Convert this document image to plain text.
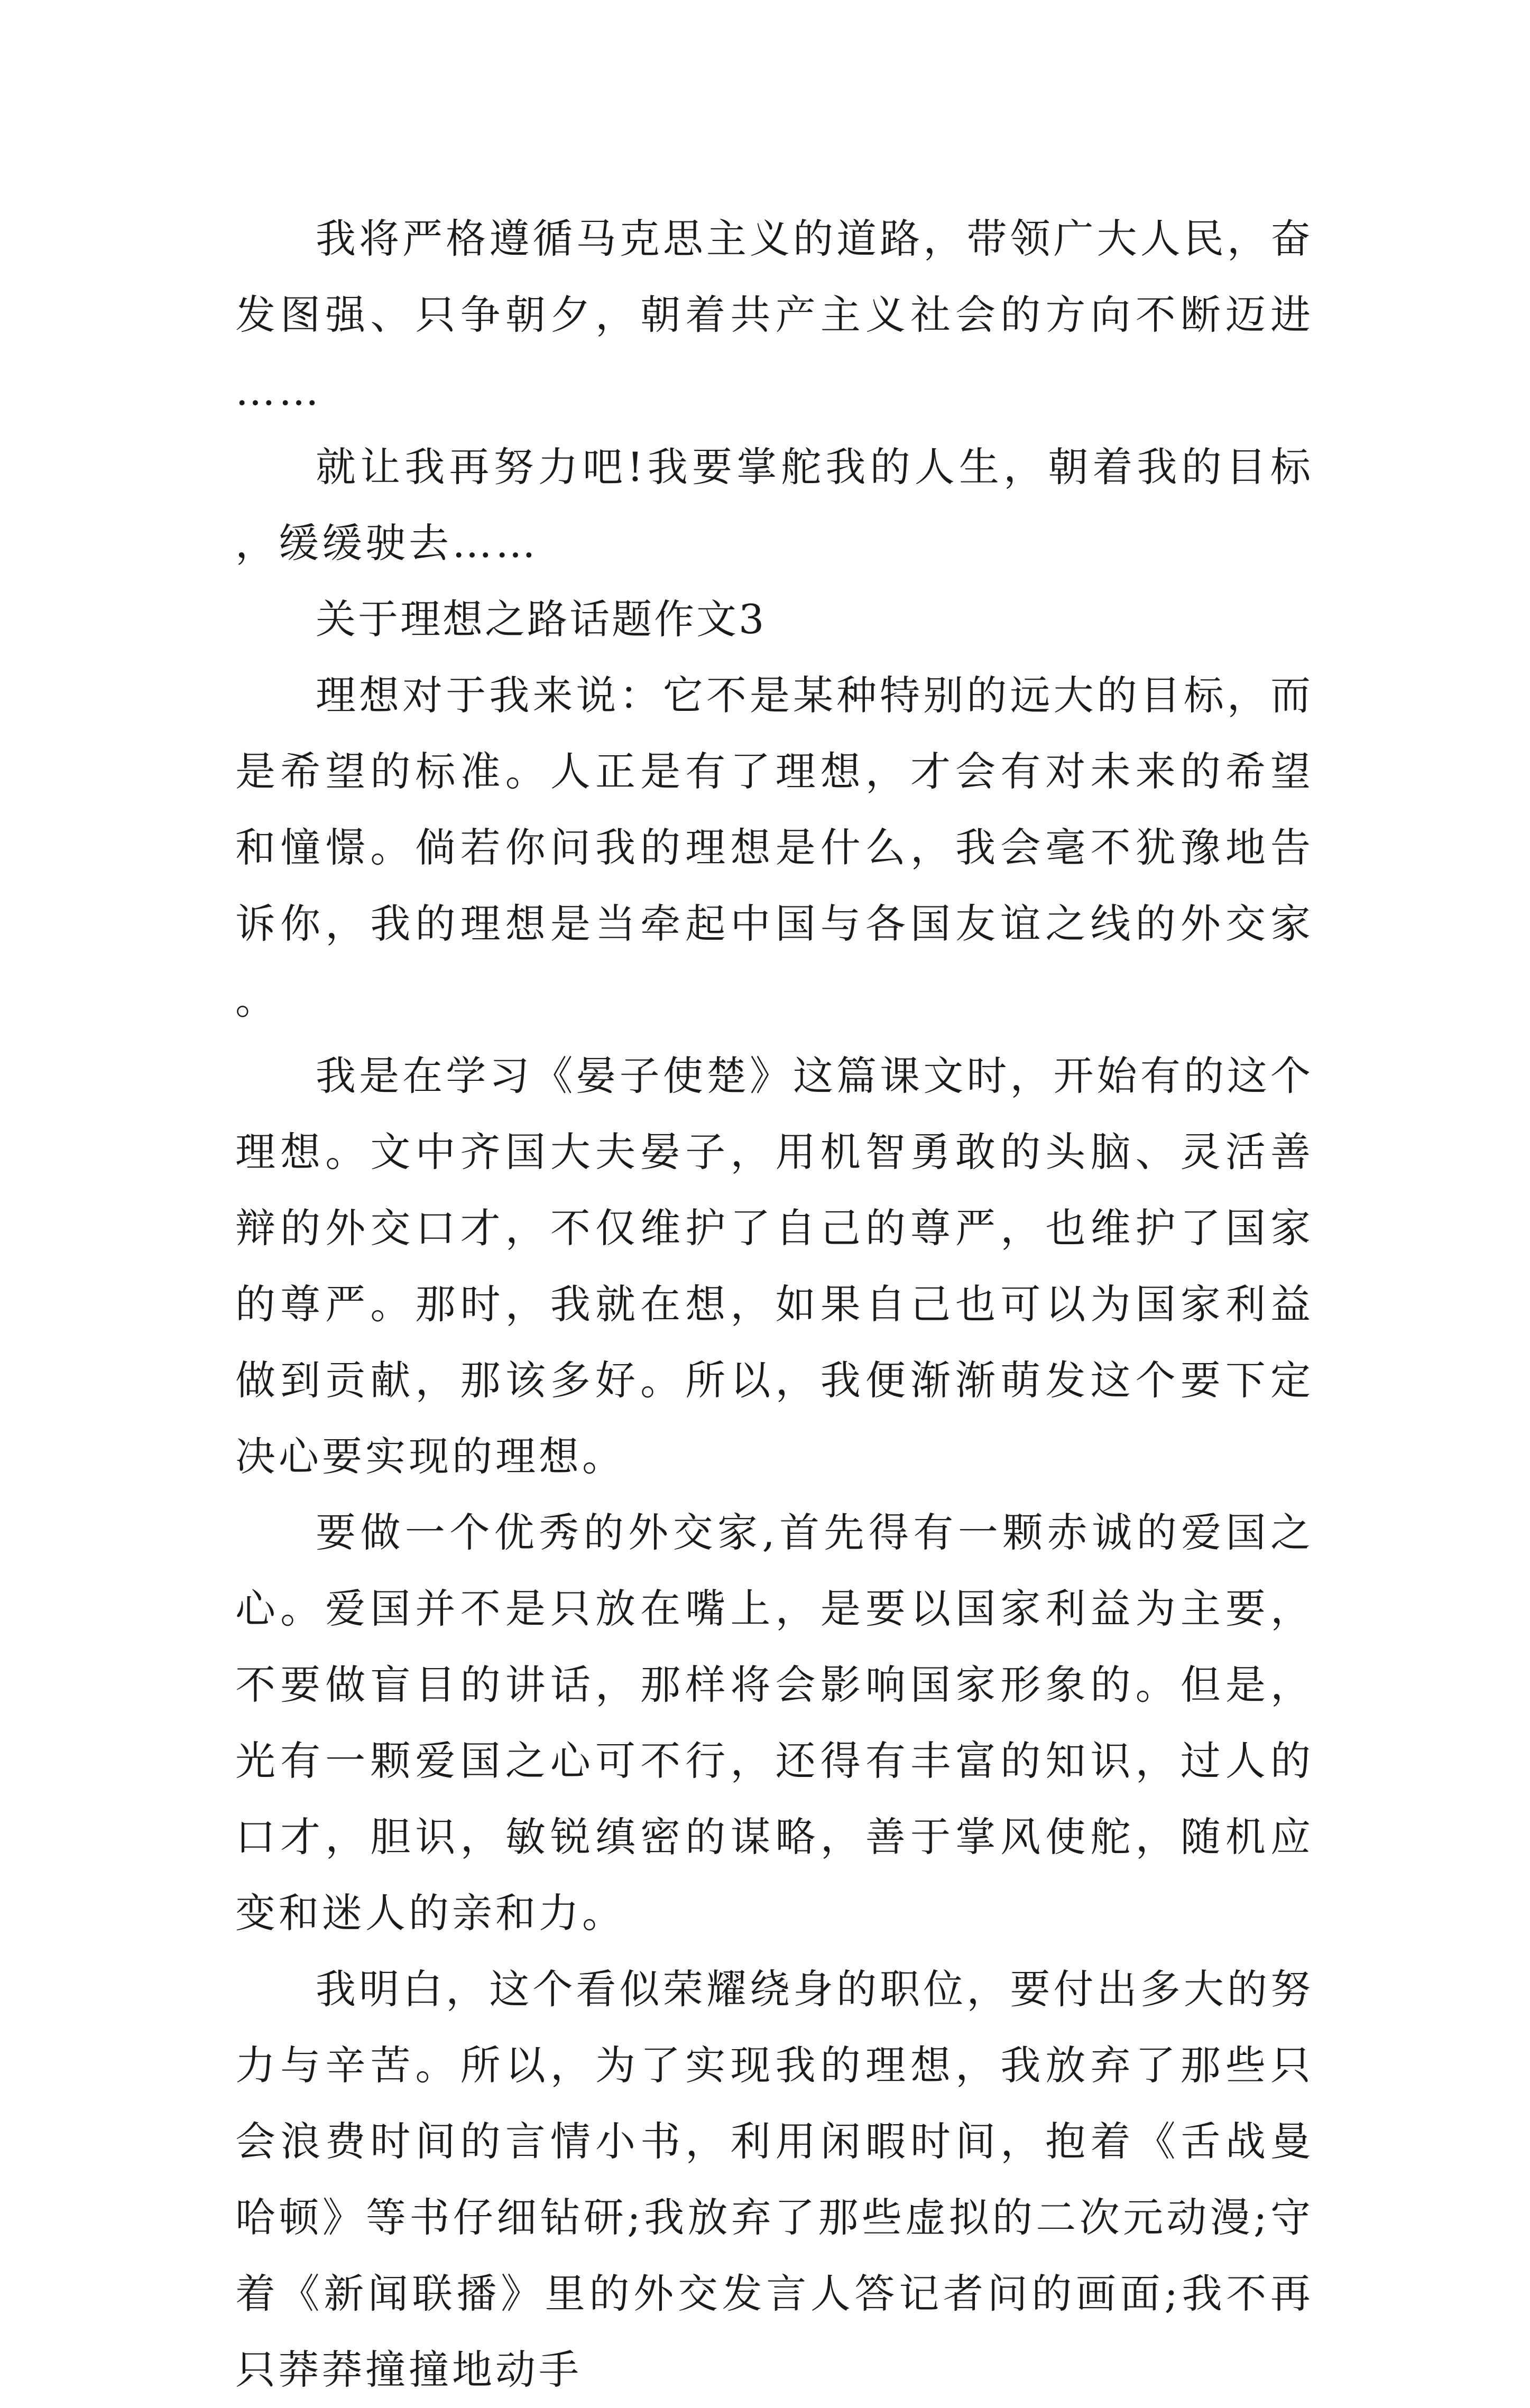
我将严格遵循马克思主义的道路，带领广大人民，奋发图强、只争朝夕，朝着共产主义社会的方向不断迈进……

就让我再努力吧!我要掌舵我的人生，朝着我的目标，缓缓驶去……

关于理想之路话题作文3

理想对于我来说：它不是某种特别的远大的目标，而是希望的标准。人正是有了理想，才会有对未来的希望和憧憬。倘若你问我的理想是什么，我会毫不犹豫地告诉你，我的理想是当牵起中国与各国友谊之线的外交家。

我是在学习《晏子使楚》这篇课文时，开始有的这个理想。文中齐国大夫晏子，用机智勇敢的头脑、灵活善辩的外交口才，不仅维护了自己的尊严，也维护了国家的尊严。那时，我就在想，如果自己也可以为国家利益做到贡献，那该多好。所以，我便渐渐萌发这个要下定决心要实现的理想。

要做一个优秀的外交家,首先得有一颗赤诚的爱国之心。爱国并不是只放在嘴上，是要以国家利益为主要，不要做盲目的讲话，那样将会影响国家形象的。但是，光有一颗爱国之心可不行，还得有丰富的知识，过人的口才，胆识，敏锐缜密的谋略，善于掌风使舵，随机应变和迷人的亲和力。

我明白，这个看似荣耀绕身的职位，要付出多大的努力与辛苦。所以，为了实现我的理想，我放弃了那些只会浪费时间的言情小书，利用闲暇时间，抱着《舌战曼哈顿》等书仔细钻研;我放弃了那些虚拟的二次元动漫;守着《新闻联播》里的外交发言人答记者问的画面;我不再只莽莽撞撞地动手
